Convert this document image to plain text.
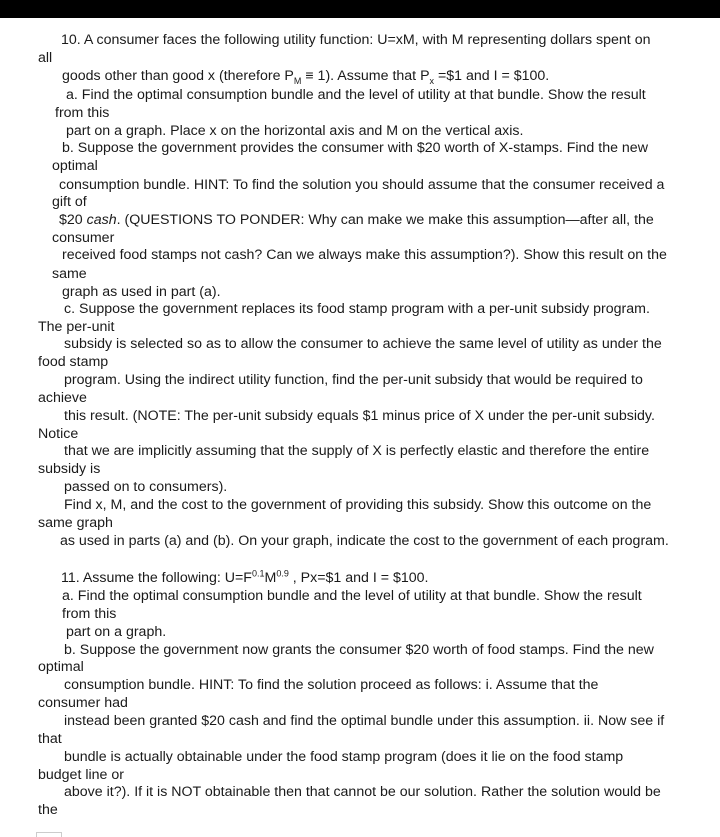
10. A consumer faces the following utility function: U=xM, with M representing dollars spent on
all
goods other than good x (therefore $P_M \equiv 1$). Assume that $P_x$ =$1 and I = $100.
a. Find the optimal consumption bundle and the level of utility at that bundle. Show the result
from this
part on a graph. Place x on the horizontal axis and M on the vertical axis.
b. Suppose the government provides the consumer with $20 worth of X-stamps. Find the new
optimal
consumption bundle. HINT: To find the solution you should assume that the consumer received a
gift of
$20 cash. (QUESTIONS TO PONDER: Why can make we make this assumption—after all, the
consumer
received food stamps not cash? Can we always make this assumption?). Show this result on the
same
graph as used in part (a).
c. Suppose the government replaces its food stamp program with a per-unit subsidy program.
The per-unit
subsidy is selected so as to allow the consumer to achieve the same level of utility as under the
food stamp
program. Using the indirect utility function, find the per-unit subsidy that would be required to
achieve
this result. (NOTE: The per-unit subsidy equals $1 minus price of X under the per-unit subsidy.
Notice
that we are implicitly assuming that the supply of X is perfectly elastic and therefore the entire
subsidy is
passed on to consumers).
Find x, M, and the cost to the government of providing this subsidy. Show this outcome on the
same graph
as used in parts (a) and (b). On your graph, indicate the cost to the government of each program.
11. Assume the following: $U=F^{0.1}M^{0.9}$ , Px=$1 and I = $100.
a. Find the optimal consumption bundle and the level of utility at that bundle. Show the result
from this
part on a graph.
b. Suppose the government now grants the consumer $20 worth of food stamps. Find the new
optimal
consumption bundle. HINT: To find the solution proceed as follows: i. Assume that the
consumer had
instead been granted $20 cash and find the optimal bundle under this assumption. ii. Now see if
that
bundle is actually obtainable under the food stamp program (does it lie on the food stamp
budget line or
above it?). If it is NOT obtainable then that cannot be our solution. Rather the solution would be
the
